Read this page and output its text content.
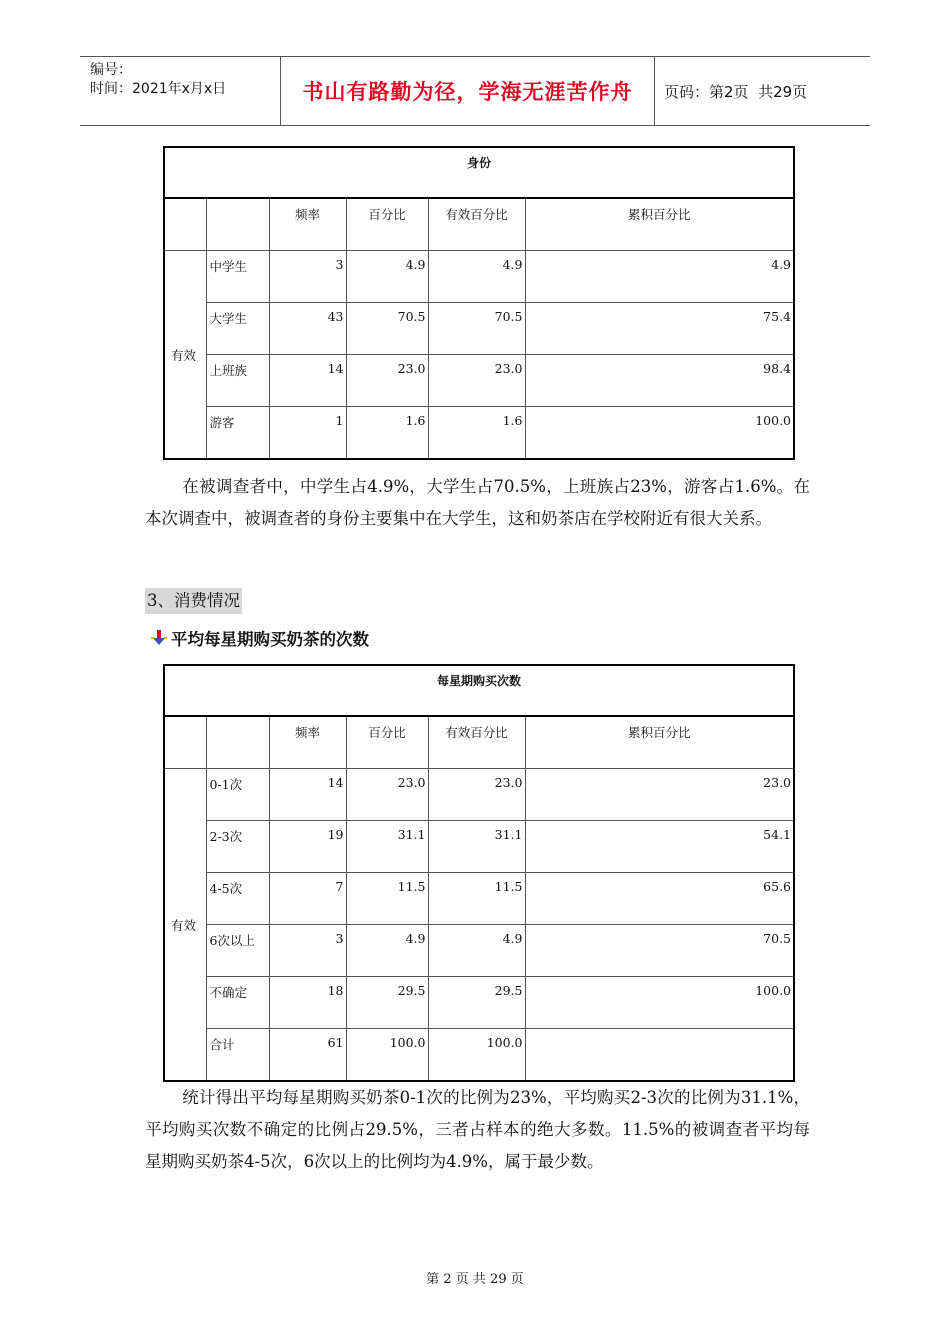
编号：
时间：2021年x月x日	书山有路勤为径，学海无涯苦作舟	页码：第2页  共29页
身份					
		频率	百分比	有效百分比	累积百分比
有效	中学生	3	4.9	4.9	4.9
	大学生	43	70.5	70.5	75.4
	上班族	14	23.0	23.0	98.4
	游客	1	1.6	1.6	100.0

在被调查者中，中学生占4.9%，大学生占70.5%，上班族占23%，游客占1.6%。在本次调查中，被调查者的身份主要集中在大学生，这和奶茶店在学校附近有很大关系。

3、消费情况
平均每星期购买奶茶的次数
每星期购买次数					
		频率	百分比	有效百分比	累积百分比
有效	0-1次	14	23.0	23.0	23.0
	2-3次	19	31.1	31.1	54.1
	4-5次	7	11.5	11.5	65.6
	6次以上	3	4.9	4.9	70.5
	不确定	18	29.5	29.5	100.0
	合计	61	100.0	100.0	

统计得出平均每星期购买奶茶0-1次的比例为23%，平均购买2-3次的比例为31.1%，平均购买次数不确定的比例占29.5%，三者占样本的绝大多数。11.5%的被调查者平均每星期购买奶茶4-5次，6次以上的比例均为4.9%，属于最少数。

第 2 页 共 29 页
